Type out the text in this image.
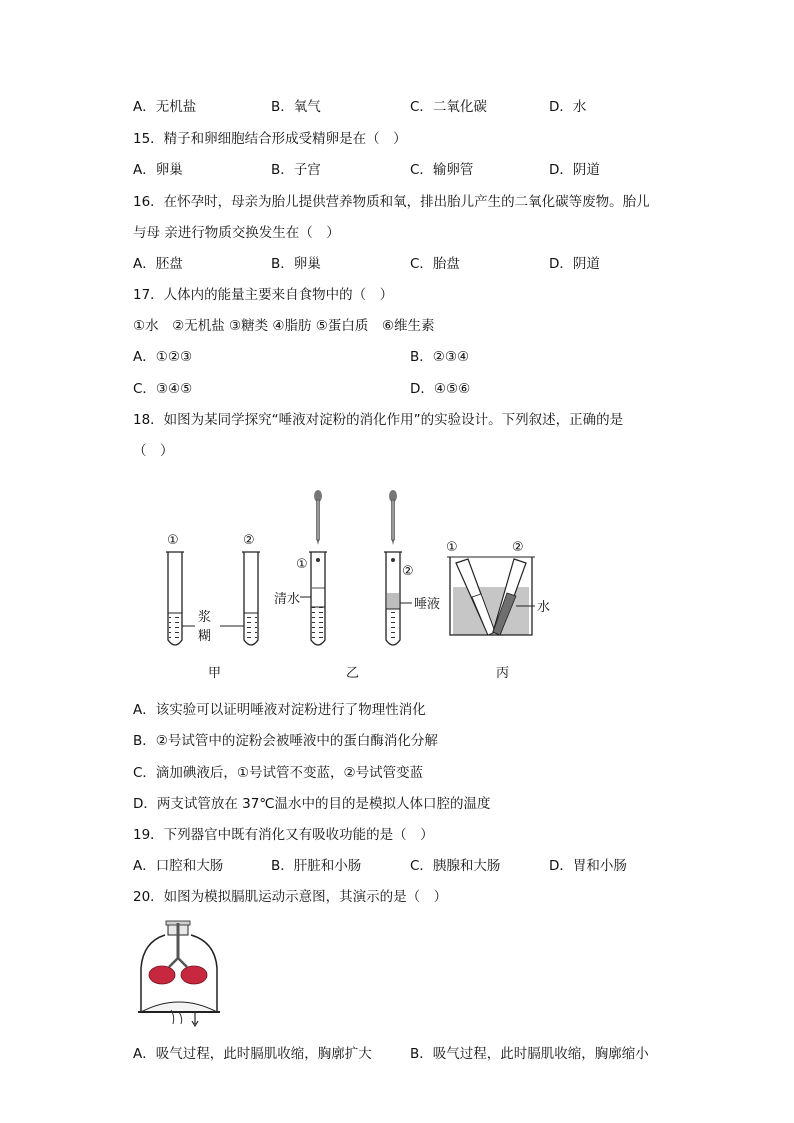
A．无机盐	B．氧气	C．二氧化碳	D．水
15．精子和卵细胞结合形成受精卵是在（　）
A．卵巢	B．子宫	C．输卵管	D．阴道
16．在怀孕时，母亲为胎儿提供营养物质和氧，排出胎儿产生的二氧化碳等废物。胎儿
与母 亲进行物质交换发生在（　）
A．胚盘	B．卵巢	C．胎盘	D．阴道
17．人体内的能量主要来自食物中的（　）
①水　②无机盐 ③糖类 ④脂肪 ⑤蛋白质　⑥维生素
A．①②③	B．②③④
C．③④⑤	D．④⑤⑥
18．如图为某同学探究“唾液对淀粉的消化作用”的实验设计。下列叙述，正确的是
（　）
①	②
浆
糊
甲
①
清水
②
唾液
乙
①	②
水
丙
A．该实验可以证明唾液对淀粉进行了物理性消化
B．②号试管中的淀粉会被唾液中的蛋白酶消化分解
C．滴加碘液后，①号试管不变蓝，②号试管变蓝
D．两支试管放在 37℃温水中的目的是模拟人体口腔的温度
19．下列器官中既有消化又有吸收功能的是（　）
A．口腔和大肠	B．肝脏和小肠	C．胰腺和大肠	D．胃和小肠
20．如图为模拟膈肌运动示意图，其演示的是（　）
A．吸气过程，此时膈肌收缩，胸廓扩大	B．吸气过程，此时膈肌收缩，胸廓缩小
